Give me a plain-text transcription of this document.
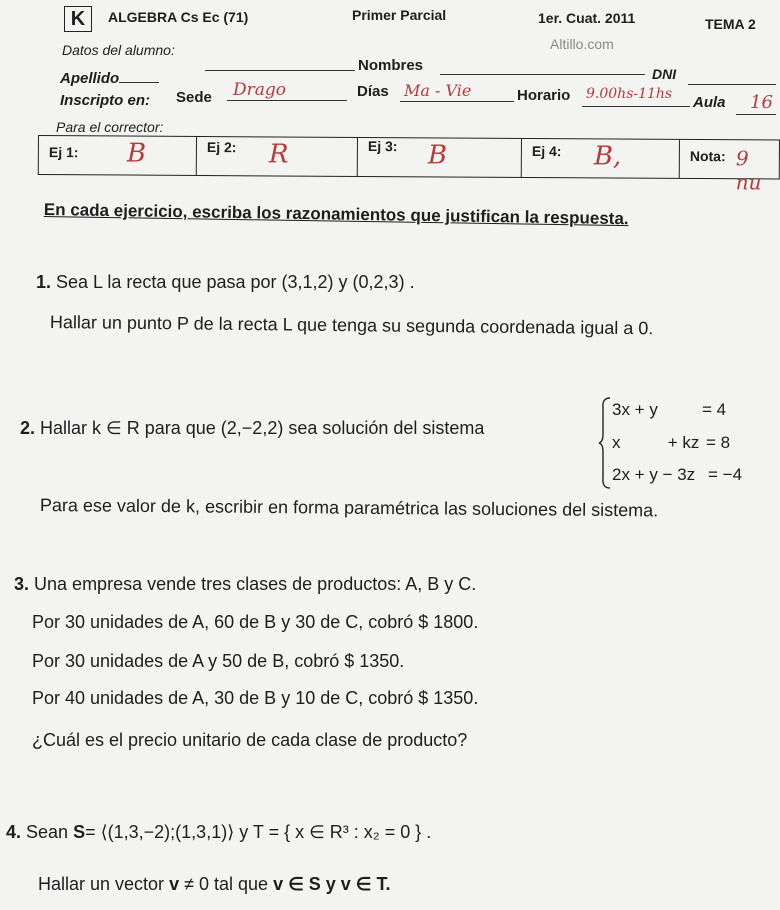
K	ALGEBRA Cs Ec (71)	Primer Parcial	1er. Cuat. 2011	TEMA 2
Altillo.com
Datos del alumno:
Apellido
Nombres	DNI
Inscripto en: Sede Drago	Días Ma - Vie	Horario 9.00hs-11hs Aula 16
Para el corrector:
Ej 1: B	Ej 2: R	Ej 3: B	Ej 4: B,	Nota: 9 nu
En cada ejercicio, escriba los razonamientos que justifican la respuesta.
1. Sea L la recta que pasa por (3,1,2) y (0,2,3) .
Hallar un punto P de la recta L que tenga su segunda coordenada igual a 0.
2. Hallar k ∈ R para que (2,−2,2) sea solución del sistema
3x + y	= 4
x          + kz = 8
2x + y − 3z = −4
Para ese valor de k, escribir en forma paramétrica las soluciones del sistema.
3. Una empresa vende tres clases de productos: A, B y C.
Por 30 unidades de A, 60 de B y 30 de C, cobró $ 1800.
Por 30 unidades de A y 50 de B, cobró $ 1350.
Por 40 unidades de A, 30 de B y 10 de C, cobró $ 1350.
¿Cuál es el precio unitario de cada clase de producto?
4. Sean S= ⟨(1,3,−2);(1,3,1)⟩ y T = { x ∈ R³ : x₂ = 0 } .
Hallar un vector v ≠ 0 tal que v ∈ S y v ∈ T.
